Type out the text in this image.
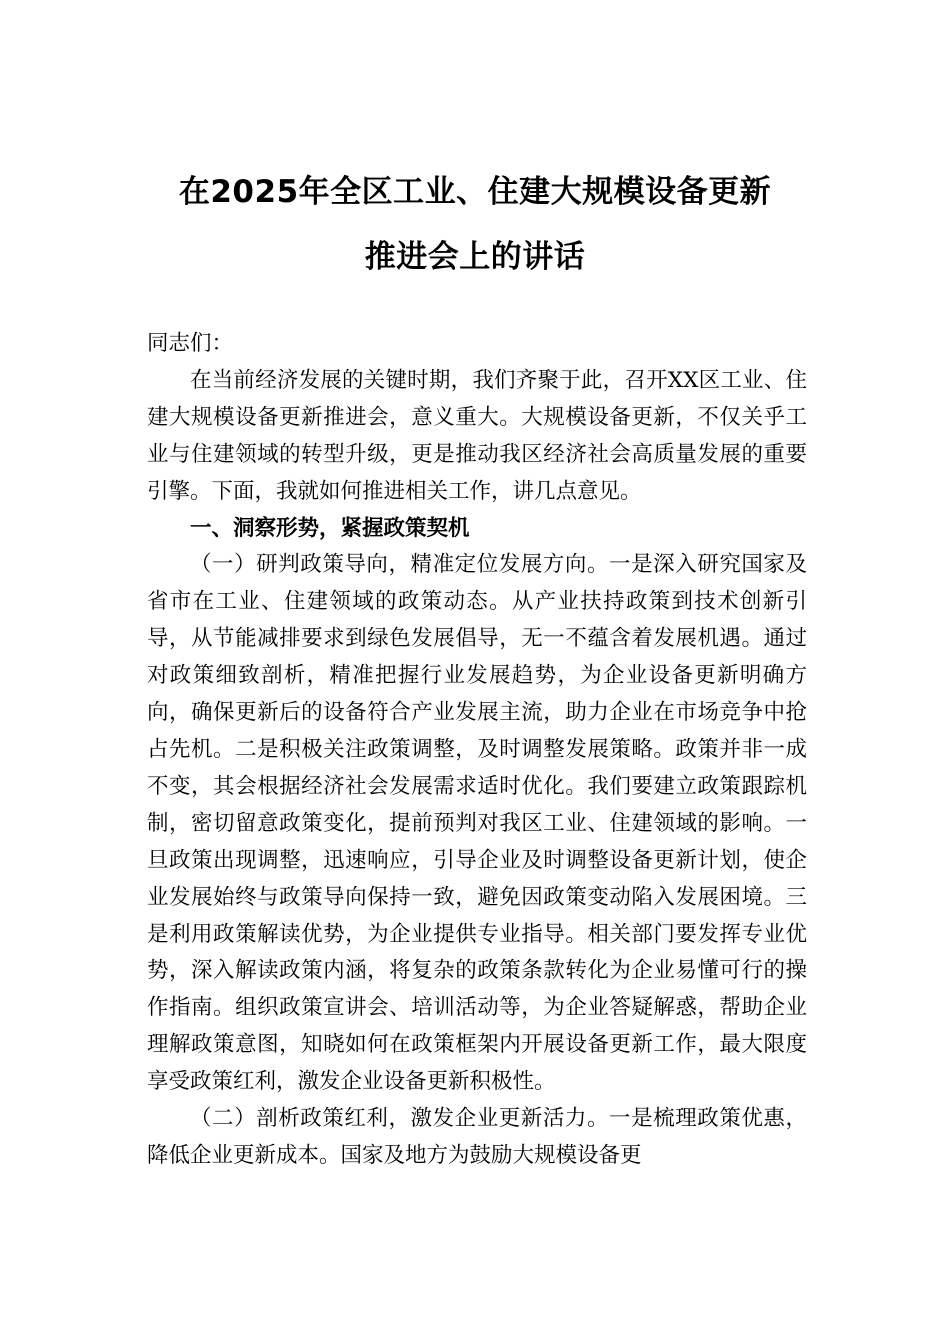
在2025年全区工业、住建大规模设备更新
推进会上的讲话

同志们：

在当前经济发展的关键时期，我们齐聚于此，召开XX区工业、住建大规模设备更新推进会，意义重大。大规模设备更新，不仅关乎工业与住建领域的转型升级，更是推动我区经济社会高质量发展的重要引擎。下面，我就如何推进相关工作，讲几点意见。

一、洞察形势，紧握政策契机

（一）研判政策导向，精准定位发展方向。一是深入研究国家及省市在工业、住建领域的政策动态。从产业扶持政策到技术创新引导，从节能减排要求到绿色发展倡导，无一不蕴含着发展机遇。通过对政策细致剖析，精准把握行业发展趋势，为企业设备更新明确方向，确保更新后的设备符合产业发展主流，助力企业在市场竞争中抢占先机。二是积极关注政策调整，及时调整发展策略。政策并非一成不变，其会根据经济社会发展需求适时优化。我们要建立政策跟踪机制，密切留意政策变化，提前预判对我区工业、住建领域的影响。一旦政策出现调整，迅速响应，引导企业及时调整设备更新计划，使企业发展始终与政策导向保持一致，避免因政策变动陷入发展困境。三是利用政策解读优势，为企业提供专业指导。相关部门要发挥专业优势，深入解读政策内涵，将复杂的政策条款转化为企业易懂可行的操作指南。组织政策宣讲会、培训活动等，为企业答疑解惑，帮助企业理解政策意图，知晓如何在政策框架内开展设备更新工作，最大限度享受政策红利，激发企业设备更新积极性。

（二）剖析政策红利，激发企业更新活力。一是梳理政策优惠，降低企业更新成本。国家及地方为鼓励大规模设备更
